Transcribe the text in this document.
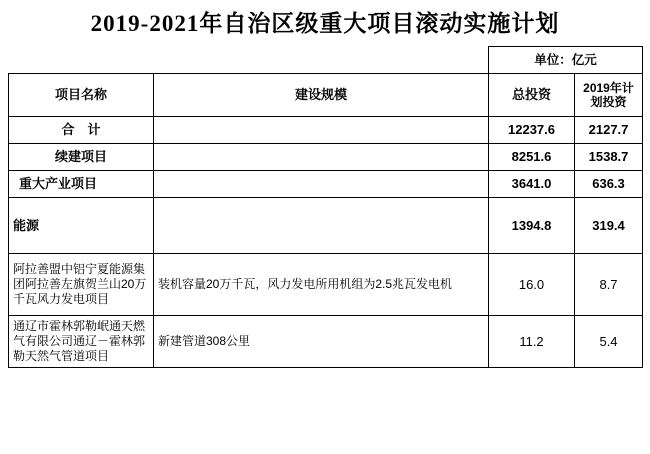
2019-2021年自治区级重大项目滚动实施计划
		单位：亿元	
项目名称	建设规模	总投资	2019年计划投资
合　计		12237.6	2127.7
续建项目		8251.6	1538.7
重大产业项目		3641.0	636.3
能源		1394.8	319.4
阿拉善盟中铝宁夏能源集团阿拉善左旗贺兰山20万千瓦风力发电项目	装机容量20万千瓦，风力发电所用机组为2.5兆瓦发电机	16.0	8.7
通辽市霍林郭勒岷通天燃气有限公司通辽－霍林郭勒天然气管道项目	新建管道308公里	11.2	5.4
